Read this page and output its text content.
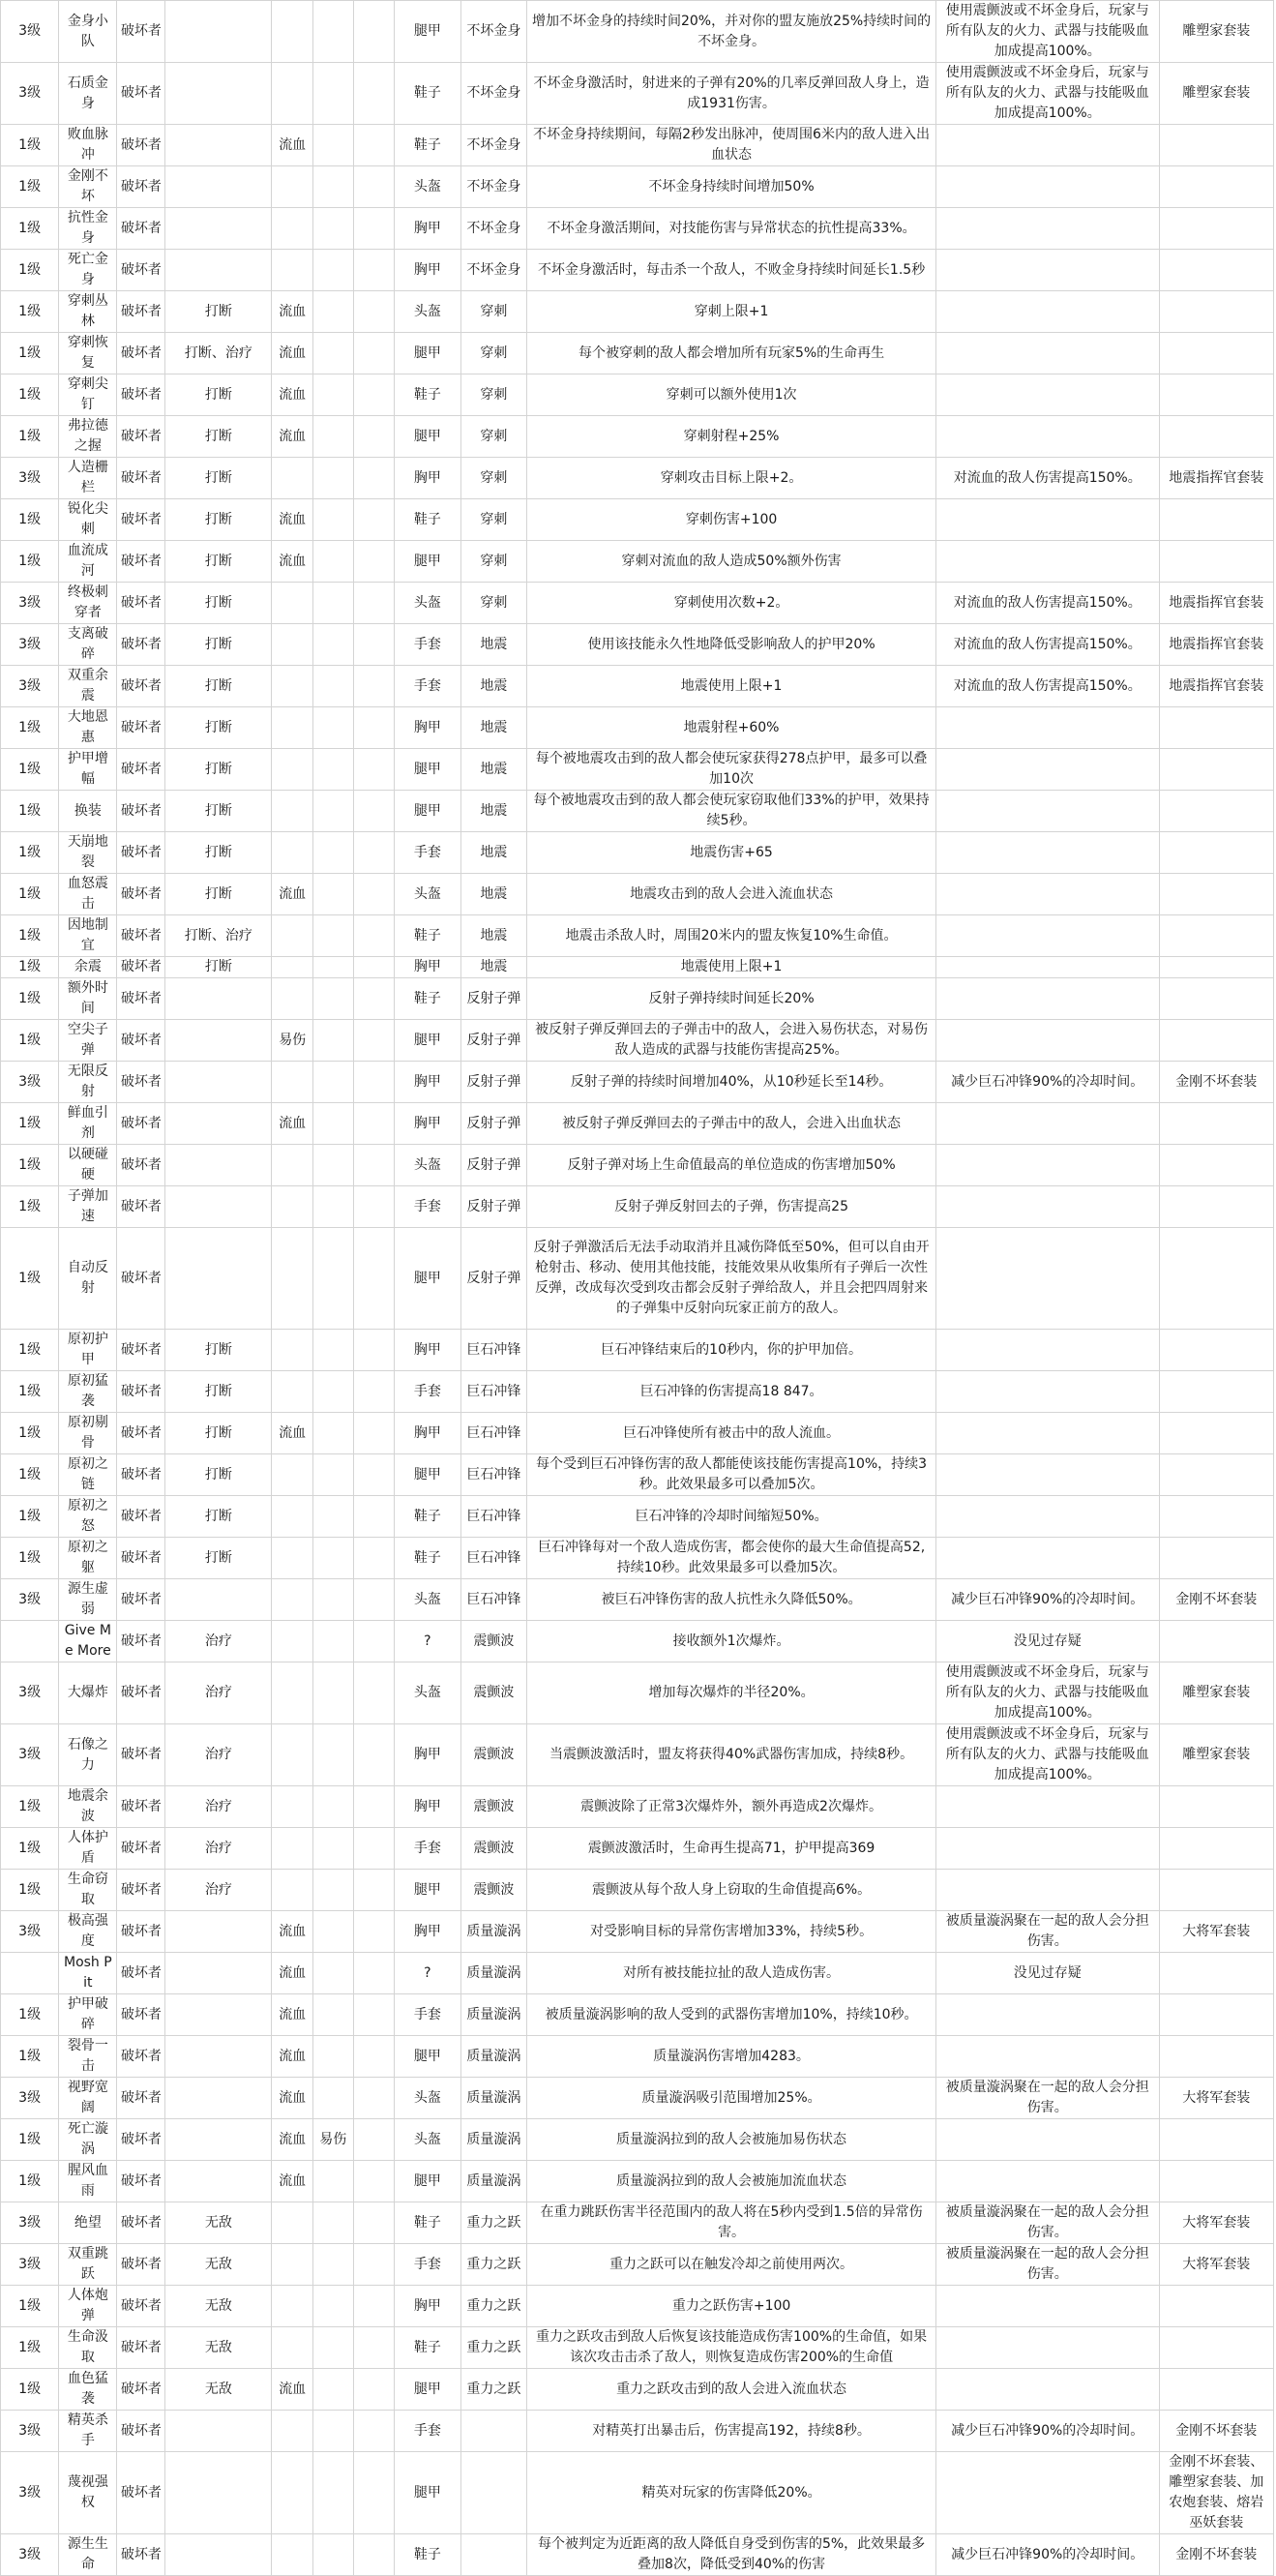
3级	金身小队	破坏者					腿甲	不坏金身	增加不坏金身的持续时间20%，并对你的盟友施放25%持续时间的不坏金身。	使用震颤波或不坏金身后，玩家与所有队友的火力、武器与技能吸血加成提高100%。	雕塑家套装
3级	石质金身	破坏者					鞋子	不坏金身	不坏金身激活时，射进来的子弹有20%的几率反弹回敌人身上，造成1931伤害。	使用震颤波或不坏金身后，玩家与所有队友的火力、武器与技能吸血加成提高100%。	雕塑家套装
1级	败血脉冲	破坏者		流血			鞋子	不坏金身	不坏金身持续期间，每隔2秒发出脉冲，使周围6米内的敌人进入出血状态		
1级	金刚不坏	破坏者					头盔	不坏金身	不坏金身持续时间增加50%		
1级	抗性金身	破坏者					胸甲	不坏金身	不坏金身激活期间，对技能伤害与异常状态的抗性提高33%。		
1级	死亡金身	破坏者					胸甲	不坏金身	不坏金身激活时，每击杀一个敌人，不败金身持续时间延长1.5秒		
1级	穿刺丛林	破坏者	打断	流血			头盔	穿刺	穿刺上限+1		
1级	穿刺恢复	破坏者	打断、治疗	流血			腿甲	穿刺	每个被穿刺的敌人都会增加所有玩家5%的生命再生		
1级	穿刺尖钉	破坏者	打断	流血			鞋子	穿刺	穿刺可以额外使用1次		
1级	弗拉德之握	破坏者	打断	流血			腿甲	穿刺	穿刺射程+25%		
3级	人造栅栏	破坏者	打断				胸甲	穿刺	穿刺攻击目标上限+2。	对流血的敌人伤害提高150%。	地震指挥官套装
1级	锐化尖刺	破坏者	打断	流血			鞋子	穿刺	穿刺伤害+100		
1级	血流成河	破坏者	打断	流血			腿甲	穿刺	穿刺对流血的敌人造成50%额外伤害		
3级	终极刺穿者	破坏者	打断				头盔	穿刺	穿刺使用次数+2。	对流血的敌人伤害提高150%。	地震指挥官套装
3级	支离破碎	破坏者	打断				手套	地震	使用该技能永久性地降低受影响敌人的护甲20%	对流血的敌人伤害提高150%。	地震指挥官套装
3级	双重余震	破坏者	打断				手套	地震	地震使用上限+1	对流血的敌人伤害提高150%。	地震指挥官套装
1级	大地恩惠	破坏者	打断				胸甲	地震	地震射程+60%		
1级	护甲增幅	破坏者	打断				腿甲	地震	每个被地震攻击到的敌人都会使玩家获得278点护甲，最多可以叠加10次		
1级	换装	破坏者	打断				腿甲	地震	每个被地震攻击到的敌人都会使玩家窃取他们33%的护甲，效果持续5秒。		
1级	天崩地裂	破坏者	打断				手套	地震	地震伤害+65		
1级	血怒震击	破坏者	打断	流血			头盔	地震	地震攻击到的敌人会进入流血状态		
1级	因地制宜	破坏者	打断、治疗				鞋子	地震	地震击杀敌人时，周围20米内的盟友恢复10%生命值。		
1级	余震	破坏者	打断				胸甲	地震	地震使用上限+1		
1级	额外时间	破坏者					鞋子	反射子弹	反射子弹持续时间延长20%		
1级	空尖子弹	破坏者		易伤			腿甲	反射子弹	被反射子弹反弹回去的子弹击中的敌人，会进入易伤状态，对易伤敌人造成的武器与技能伤害提高25%。		
3级	无限反射	破坏者					胸甲	反射子弹	反射子弹的持续时间增加40%，从10秒延长至14秒。	减少巨石冲锋90%的冷却时间。	金刚不坏套装
1级	鲜血引剂	破坏者		流血			胸甲	反射子弹	被反射子弹反弹回去的子弹击中的敌人，会进入出血状态		
1级	以硬碰硬	破坏者					头盔	反射子弹	反射子弹对场上生命值最高的单位造成的伤害增加50%		
1级	子弹加速	破坏者					手套	反射子弹	反射子弹反射回去的子弹，伤害提高25		
1级	自动反射	破坏者					腿甲	反射子弹	反射子弹激活后无法手动取消并且减伤降低至50%，但可以自由开枪射击、移动、使用其他技能，技能效果从收集所有子弹后一次性反弹，改成每次受到攻击都会反射子弹给敌人，并且会把四周射来的子弹集中反射向玩家正前方的敌人。		
1级	原初护甲	破坏者	打断				胸甲	巨石冲锋	巨石冲锋结束后的10秒内，你的护甲加倍。		
1级	原初猛袭	破坏者	打断				手套	巨石冲锋	巨石冲锋的伤害提高18 847。		
1级	原初剔骨	破坏者	打断	流血			胸甲	巨石冲锋	巨石冲锋使所有被击中的敌人流血。		
1级	原初之链	破坏者	打断				腿甲	巨石冲锋	每个受到巨石冲锋伤害的敌人都能使该技能伤害提高10%，持续3秒。此效果最多可以叠加5次。		
1级	原初之怒	破坏者	打断				鞋子	巨石冲锋	巨石冲锋的冷却时间缩短50%。		
1级	原初之躯	破坏者	打断				鞋子	巨石冲锋	巨石冲锋每对一个敌人造成伤害，都会使你的最大生命值提高52,持续10秒。此效果最多可以叠加5次。		
3级	源生虚弱	破坏者					头盔	巨石冲锋	被巨石冲锋伤害的敌人抗性永久降低50%。	减少巨石冲锋90%的冷却时间。	金刚不坏套装
	Give Me More	破坏者	治疗				?	震颤波	接收额外1次爆炸。	没见过存疑	
3级	大爆炸	破坏者	治疗				头盔	震颤波	增加每次爆炸的半径20%。	使用震颤波或不坏金身后，玩家与所有队友的火力、武器与技能吸血加成提高100%。	雕塑家套装
3级	石像之力	破坏者	治疗				胸甲	震颤波	当震颤波激活时，盟友将获得40%武器伤害加成，持续8秒。	使用震颤波或不坏金身后，玩家与所有队友的火力、武器与技能吸血加成提高100%。	雕塑家套装
1级	地震余波	破坏者	治疗				胸甲	震颤波	震颤波除了正常3次爆炸外，额外再造成2次爆炸。		
1级	人体护盾	破坏者	治疗				手套	震颤波	震颤波激活时，生命再生提高71，护甲提高369		
1级	生命窃取	破坏者	治疗				腿甲	震颤波	震颤波从每个敌人身上窃取的生命值提高6%。		
3级	极高强度	破坏者		流血			胸甲	质量漩涡	对受影响目标的异常伤害增加33%，持续5秒。	被质量漩涡聚在一起的敌人会分担伤害。	大将军套装
	Mosh Pit	破坏者		流血			?	质量漩涡	对所有被技能拉扯的敌人造成伤害。	没见过存疑	
1级	护甲破碎	破坏者		流血			手套	质量漩涡	被质量漩涡影响的敌人受到的武器伤害增加10%，持续10秒。		
1级	裂骨一击	破坏者		流血			腿甲	质量漩涡	质量漩涡伤害增加4283。		
3级	视野宽阔	破坏者		流血			头盔	质量漩涡	质量漩涡吸引范围增加25%。	被质量漩涡聚在一起的敌人会分担伤害。	大将军套装
1级	死亡漩涡	破坏者		流血	易伤		头盔	质量漩涡	质量漩涡拉到的敌人会被施加易伤状态		
1级	腥风血雨	破坏者		流血			腿甲	质量漩涡	质量漩涡拉到的敌人会被施加流血状态		
3级	绝望	破坏者	无敌				鞋子	重力之跃	在重力跳跃伤害半径范围内的敌人将在5秒内受到1.5倍的异常伤害。	被质量漩涡聚在一起的敌人会分担伤害。	大将军套装
3级	双重跳跃	破坏者	无敌				手套	重力之跃	重力之跃可以在触发冷却之前使用两次。	被质量漩涡聚在一起的敌人会分担伤害。	大将军套装
1级	人体炮弹	破坏者	无敌				胸甲	重力之跃	重力之跃伤害+100		
1级	生命汲取	破坏者	无敌				鞋子	重力之跃	重力之跃攻击到敌人后恢复该技能造成伤害100%的生命值，如果该次攻击击杀了敌人，则恢复造成伤害200%的生命值		
1级	血色猛袭	破坏者	无敌	流血			腿甲	重力之跃	重力之跃攻击到的敌人会进入流血状态		
3级	精英杀手	破坏者					手套		对精英打出暴击后，伤害提高192，持续8秒。	减少巨石冲锋90%的冷却时间。	金刚不坏套装
3级	蔑视强权	破坏者					腿甲		精英对玩家的伤害降低20%。		金刚不坏套装、雕塑家套装、加农炮套装、熔岩巫妖套装
3级	源生生命	破坏者					鞋子		每个被判定为近距离的敌人降低自身受到伤害的5%，此效果最多叠加8次，降低受到40%的伤害	减少巨石冲锋90%的冷却时间。	金刚不坏套装
